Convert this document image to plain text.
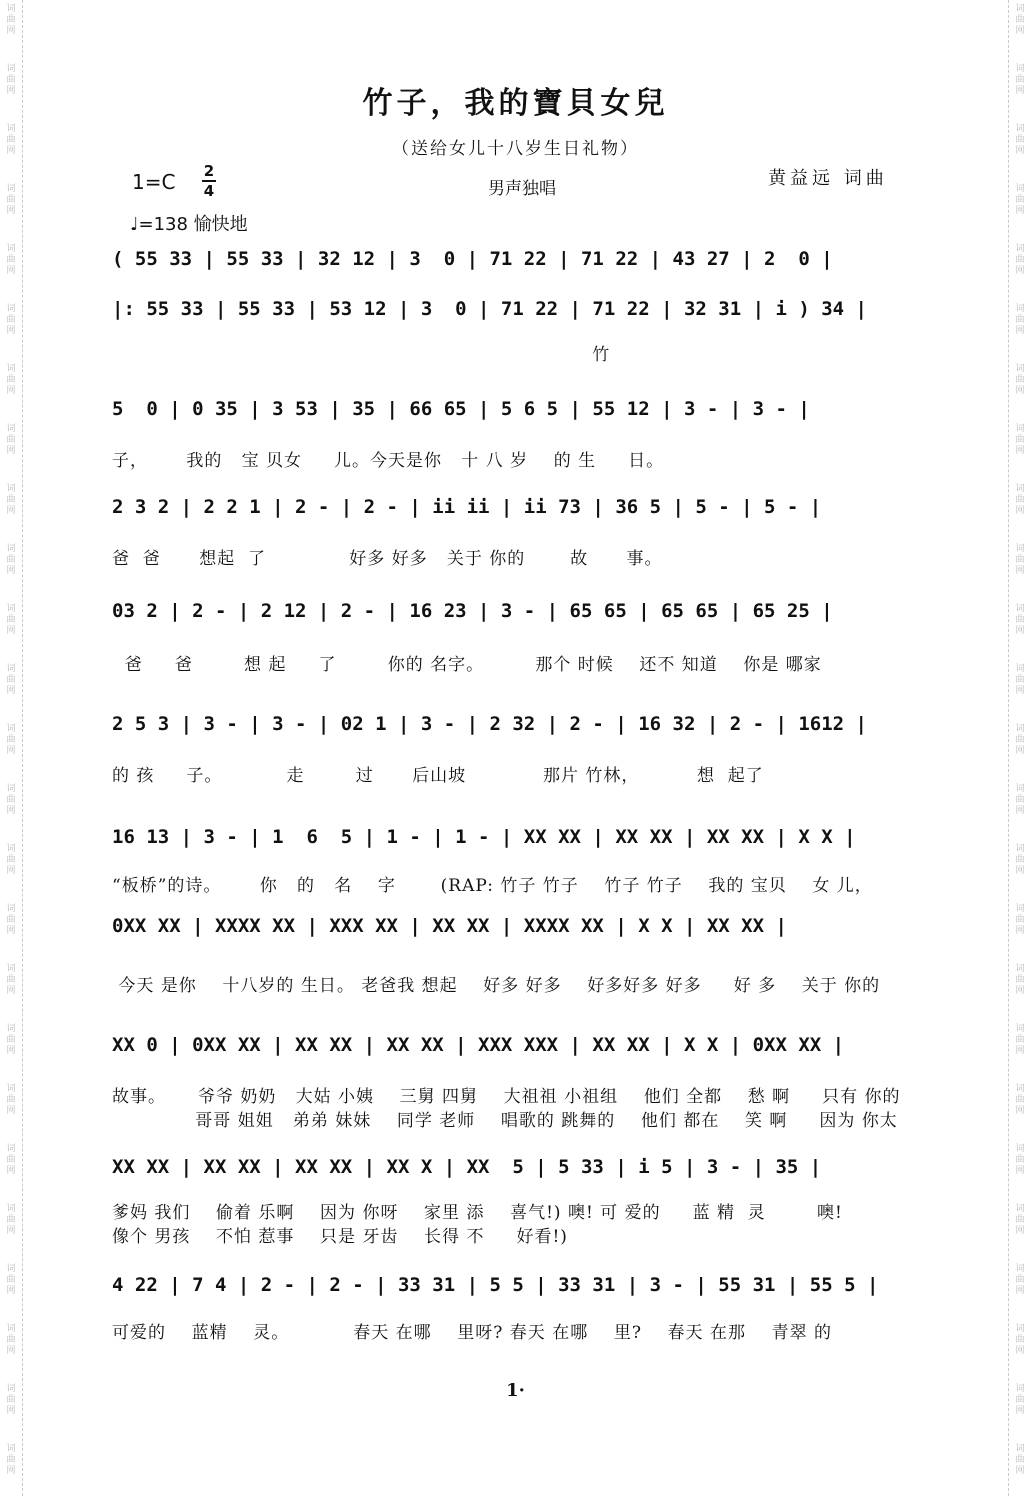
词
曲
网
词
曲
网
词
曲
网
词
曲
网
词
曲
网
词
曲
网
词
曲
网
词
曲
网
词
曲
网
词
曲
网
词
曲
网
词
曲
网
词
曲
网
词
曲
网
词
曲
网
词
曲
网
词
曲
网
词
曲
网
词
曲
网
词
曲
网
词
曲
网
词
曲
网
词
曲
网
词
曲
网
词
曲
网
词
曲
网
词
曲
网
词
曲
网
词
曲
网
词
曲
网
词
曲
网
词
曲
网
词
曲
网
词
曲
网
词
曲
网
词
曲
网
词
曲
网
词
曲
网
词
曲
网
词
曲
网
词
曲
网
词
曲
网
词
曲
网
词
曲
网
词
曲
网
词
曲
网
词
曲
网
词
曲
网
词
曲
网
词
曲
网
竹子，我的寶貝女兒
（送给女儿十八岁生日礼物）
1=C 2
4	男声独唱	黄益远 词曲
♩=138 愉快地
( 55 33 | 55 33 | 32 12 | 3  0 | 71 22 | 71 22 | 43 27 | 2  0 |
|: 55 33 | 55 33 | 53 12 | 3  0 | 71 22 | 71 22 | 32 31 | i ) 34 |
竹
5  0 | 0 35 | 3 53 | 35 | 66 65 | 5 6 5 | 55 12 | 3 - | 3 - |
子，      我的   宝 贝女     儿。今天是你   十 八 岁    的 生     日。
2 3 2 | 2 2 1 | 2 - | 2 - | ii ii | ii 73 | 36 5 | 5 - | 5 - |
爸  爸      想起  了             好多 好多   关于 你的       故      事。
03 2 | 2 - | 2 12 | 2 - | 16 23 | 3 - | 65 65 | 65 65 | 65 25 |
爸     爸        想 起     了        你的 名字。        那个 时候    还不 知道    你是 哪家
2 5 3 | 3 - | 3 - | 02 1 | 3 - | 2 32 | 2 - | 16 32 | 2 - | 1612 |
的 孩     子。          走        过      后山坡            那片 竹林，         想  起了
16 13 | 3 - | 1  6  5 | 1 - | 1 - | XX XX | XX XX | XX XX | X X |
“板桥”的诗。      你   的   名    字       (RAP: 竹子 竹子    竹子 竹子    我的 宝贝    女 儿，
0XX XX | XXXX XX | XXX XX | XX XX | XXXX XX | X X | XX XX |
今天 是你    十八岁的 生日。 老爸我 想起    好多 好多    好多好多 好多     好 多    关于 你的
XX 0 | 0XX XX | XX XX | XX XX | XXX XXX | XX XX | X X | 0XX XX |
故事。     爷爷 奶奶   大姑 小姨    三舅 四舅    大祖祖 小祖组    他们 全都    愁 啊     只有 你的
哥哥 姐姐   弟弟 妹妹    同学 老师    唱歌的 跳舞的    他们 都在    笑 啊     因为 你太
XX XX | XX XX | XX XX | XX X | XX  5 | 5 33 | i 5 | 3 - | 35 |
爹妈 我们    偷着 乐啊    因为 你呀    家里 添    喜气!) 噢! 可 爱的     蓝 精  灵        噢!
像个 男孩    不怕 惹事    只是 牙齿    长得 不     好看!)
4 22 | 7 4 | 2 - | 2 - | 33 31 | 5 5 | 33 31 | 3 - | 55 31 | 55 5 |
可爱的    蓝精    灵。          春天 在哪    里呀? 春天 在哪    里?    春天 在那    青翠 的
1·
